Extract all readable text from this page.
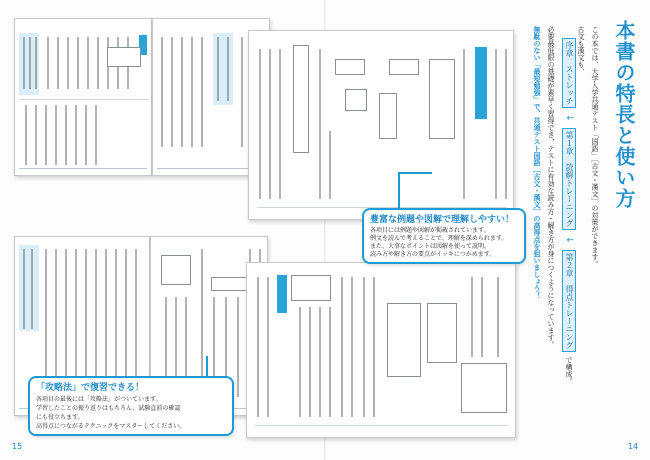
豊富な例題や図解で理解しやすい！
各項目には例題や図解が掲載されています。
例文を読んで考えることで、理解を深められます。
また、大事なポイントは図解を使って説明。
読み方や解き方の要点がイッキにつかめます。
「攻略法」で復習できる！
各項目の最後には「攻略法」がついています。
学習したことの振り返りはもちろん、試験直前の確認
にも役立ちます。
高得点につながるテクニックをマスターしてください。
本書の特長と使い方
この本では、大学入学共通テスト「国語」［古文・漢文］の対策ができます。
古文も漢文も、
序章　ストレッチ ↓ 第１章　読解トレーニング ↓ 第２章　得点トレーニング で構成。
必要最低限の基礎が素早く習得でき、テストに有効な読み方・解き方が身につくようになっています。
無駄のない「最短勉強」で、共通テスト国語［古文・漢文］の高得点を狙いましょう！
15	14
